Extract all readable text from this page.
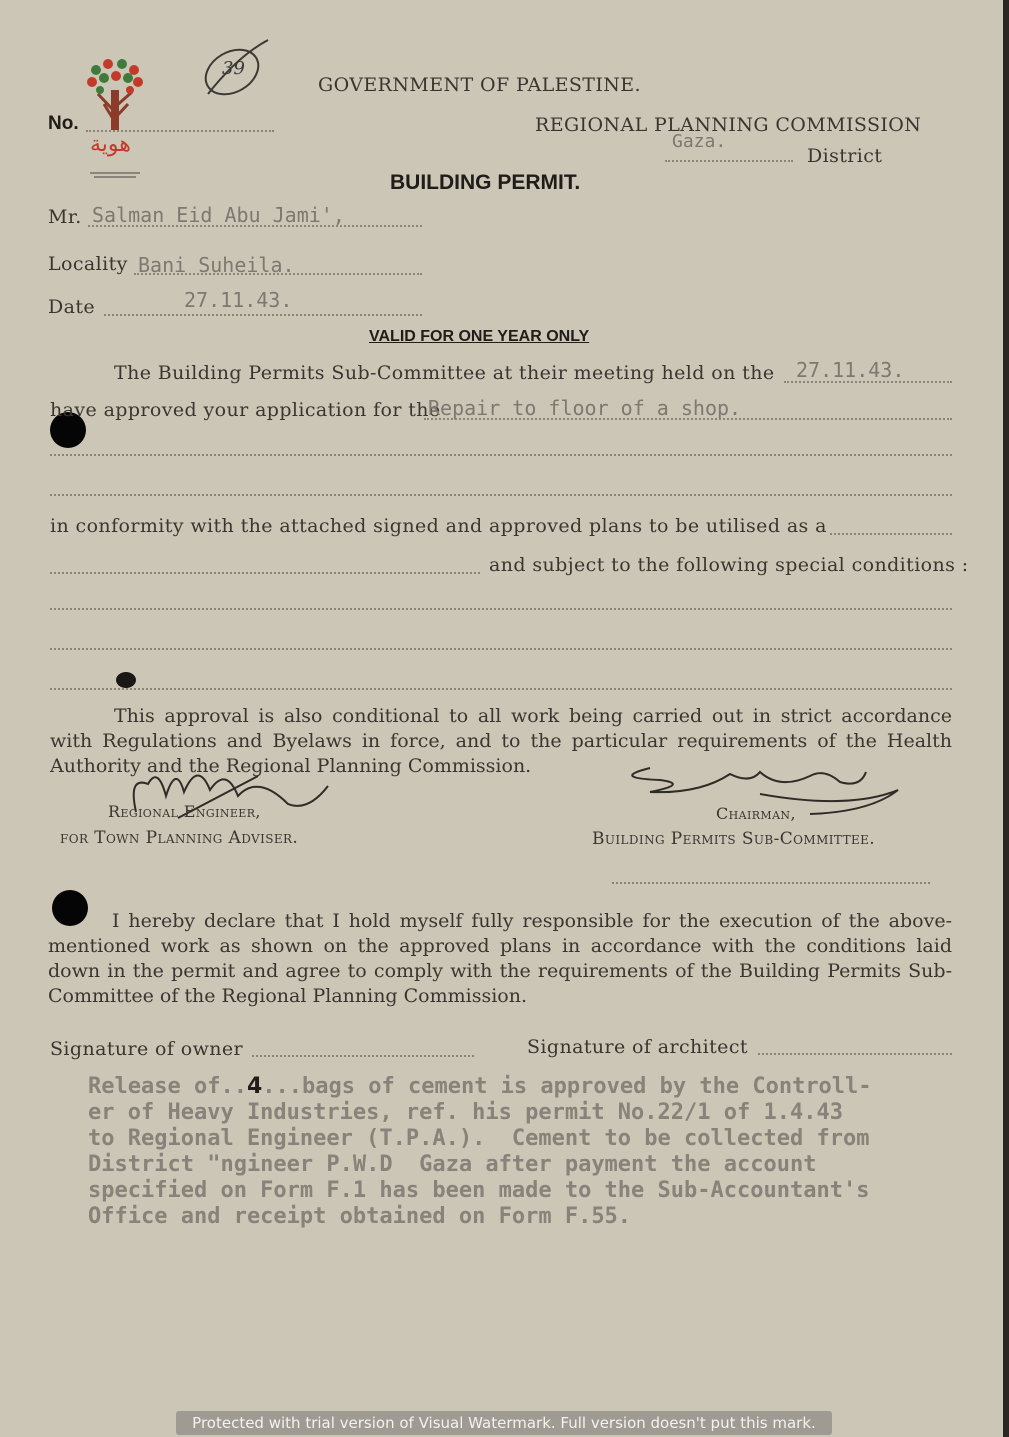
هوية
39
GOVERNMENT OF PALESTINE.
REGIONAL PLANNING COMMISSION
Gaza.
District
No.
BUILDING PERMIT.
Mr. Salman Eid Abu Jami',
Locality Bani Suheila.
Date	27.11.43.
VALID FOR ONE YEAR ONLY
The Building Permits Sub-Committee at their meeting held on the 27.11.43.
have approved your application for the
Repair to floor of a shop.
in conformity with the attached signed and approved plans to be utilised as a
and subject to the following special conditions :
This approval is also conditional to all work being carried out in strict accordance with Regulations and Byelaws in force, and to the particular requirements of the Health Authority and the Regional Planning Commission.
Regional Engineer,
for Town Planning Adviser.
Chairman,
Building Permits Sub-Committee.
I hereby declare that I hold myself fully responsible for the execution of the above-mentioned work as shown on the approved plans in accordance with the conditions laid down in the permit and agree to comply with the requirements of the Building Permits Sub-Committee of the Regional Planning Commission.
Signature of owner	Signature of architect
Release of..4...bags of cement is approved by the Controll-
er of Heavy Industries, ref. his permit No.22/1 of 1.4.43
to Regional Engineer (T.P.A.).  Cement to be collected from
District "ngineer P.W.D  Gaza after payment the account
specified on Form F.1 has been made to the Sub-Accountant's
Office and receipt obtained on Form F.55.
Protected with trial version of Visual Watermark. Full version doesn't put this mark.
